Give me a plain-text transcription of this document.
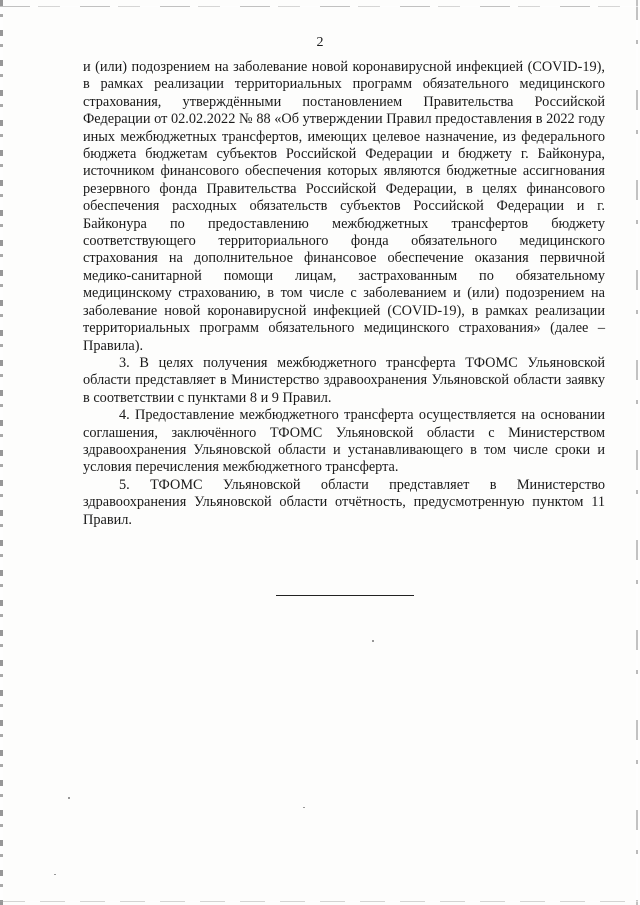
2

и (или) подозрением на заболевание новой коронавирусной инфекцией (COVID-19), в рамках реализации территориальных программ обязательного медицинского страхования, утверждёнными постановлением Правительства Российской Федерации от 02.02.2022 № 88 «Об утверждении Правил предоставления в 2022 году иных межбюджетных трансфертов, имеющих целевое назначение, из федерального бюджета бюджетам субъектов Российской Федерации и бюджету г. Байконура, источником финансового обеспечения которых являются бюджетные ассигнования резервного фонда Правительства Российской Федерации, в целях финансового обеспечения расходных обязательств субъектов Российской Федерации и г. Байконура по предоставлению межбюджетных трансфертов бюджету соответствующего территориального фонда обязательного медицинского страхования на дополнительное финансовое обеспечение оказания первичной медико-санитарной помощи лицам, застрахованным по обязательному медицинскому страхованию, в том числе с заболеванием и (или) подозрением на заболевание новой коронавирусной инфекцией (COVID-19), в рамках реализации территориальных программ обязательного медицинского страхования» (далее – Правила).

3. В целях получения межбюджетного трансферта ТФОМС Ульяновской области представляет в Министерство здравоохранения Ульяновской области заявку в соответствии с пунктами 8 и 9 Правил.

4. Предоставление межбюджетного трансферта осуществляется на основании соглашения, заключённого ТФОМС Ульяновской области с Министерством здравоохранения Ульяновской области и устанавливающего в том числе сроки и условия перечисления межбюджетного трансферта.

5. ТФОМС Ульяновской области представляет в Министерство здравоохранения Ульяновской области отчётность, предусмотренную пунктом 11 Правил.
